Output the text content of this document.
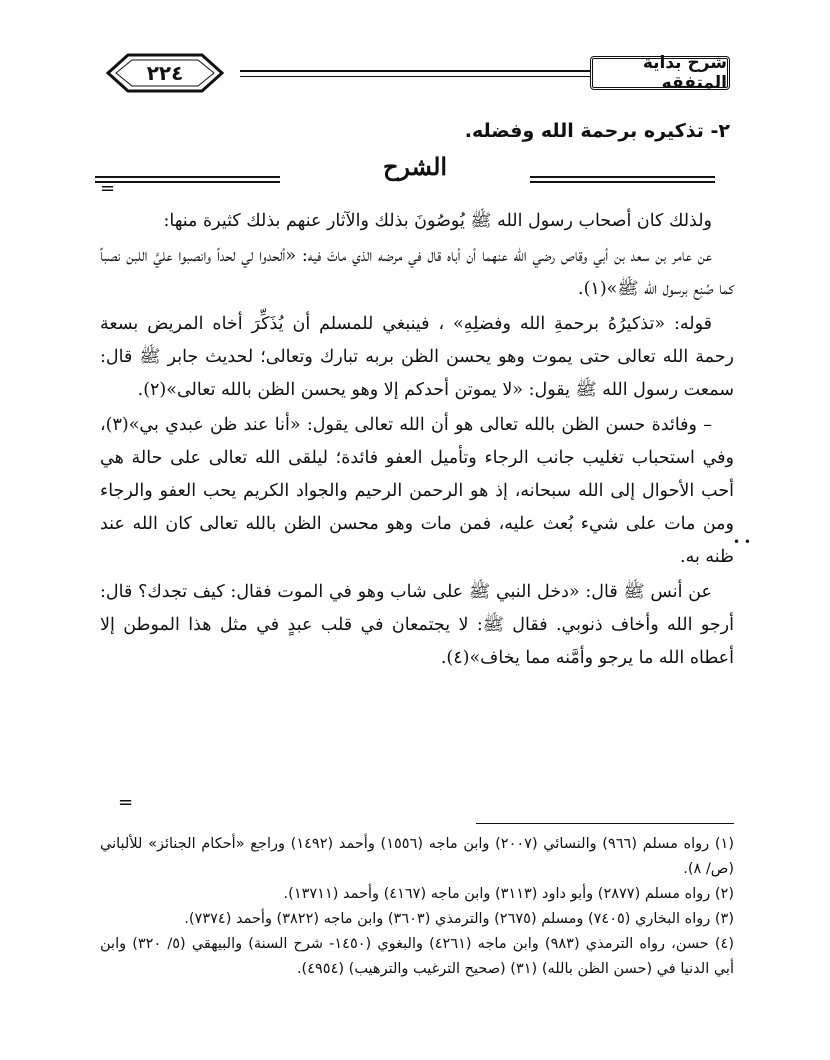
شرح بداية المتفقه
٢٢٤
٢- تذكيره برحمة الله وفضله.
الشرح
=

ولذلك كان أصحاب رسول الله ﷺ يُوصُونَ بذلك والآثار عنهم بذلك كثيرة منها:

عن عامر بن سعد بن أبي وقاص رضي الله عنهما أن أباه قال في مرضه الذي ماتَ فيه: «ألحدوا لي لحداً وانصبوا عليَّ اللبن نصباً كما صُنِع برسول الله ﷺ»(١).

قوله: «تذكيرُهُ برحمةِ الله وفضلِهِ» ، فينبغي للمسلم أن يُذَكِّرَ أخاه المريض بسعة رحمة الله تعالى حتى يموت وهو يحسن الظن بربه تبارك وتعالى؛ لحديث جابر ﷺ قال: سمعت رسول الله ﷺ يقول: «لا يموتن أحدكم إلا وهو يحسن الظن بالله تعالى»(٢).

– وفائدة حسن الظن بالله تعالى هو أن الله تعالى يقول: «أنا عند ظن عبدي بي»(٣)، وفي استحباب تغليب جانب الرجاء وتأميل العفو فائدة؛ ليلقى الله تعالى على حالة هي أحب الأحوال إلى الله سبحانه، إذ هو الرحمن الرحيم والجواد الكريم يحب العفو والرجاء ومن مات على شيء بُعث عليه، فمن مات وهو محسن الظن بالله تعالى كان الله عند ظنه به.

عن أنس ﷺ قال: «دخل النبي ﷺ على شاب وهو في الموت فقال: كيف تجدك؟ قال: أرجو الله وأخاف ذنوبي. فقال ﷺ: لا يجتمعان في قلب عبدٍ في مثل هذا الموطن إلا أعطاه الله ما يرجو وأمَّنه مما يخاف»(٤).

• •
=

(١) رواه مسلم (٩٦٦) والنسائي (٢٠٠٧) وابن ماجه (١٥٥٦) وأحمد (١٤٩٢) وراجع «أحكام الجنائز» للألباني (ص/ ٨).

(٢) رواه مسلم (٢٨٧٧) وأبو داود (٣١١٣) وابن ماجه (٤١٦٧) وأحمد (١٣٧١١).

(٣) رواه البخاري (٧٤٠٥) ومسلم (٢٦٧٥) والترمذي (٣٦٠٣) وابن ماجه (٣٨٢٢) وأحمد (٧٣٧٤).

(٤) حسن، رواه الترمذي (٩٨٣) وابن ماجه (٤٢٦١) والبغوي (١٤٥٠- شرح السنة) والبيهقي (٥/ ٣٢٠) وابن أبي الدنيا في (حسن الظن بالله) (٣١) (صحيح الترغيب والترهيب) (٤٩٥٤).
